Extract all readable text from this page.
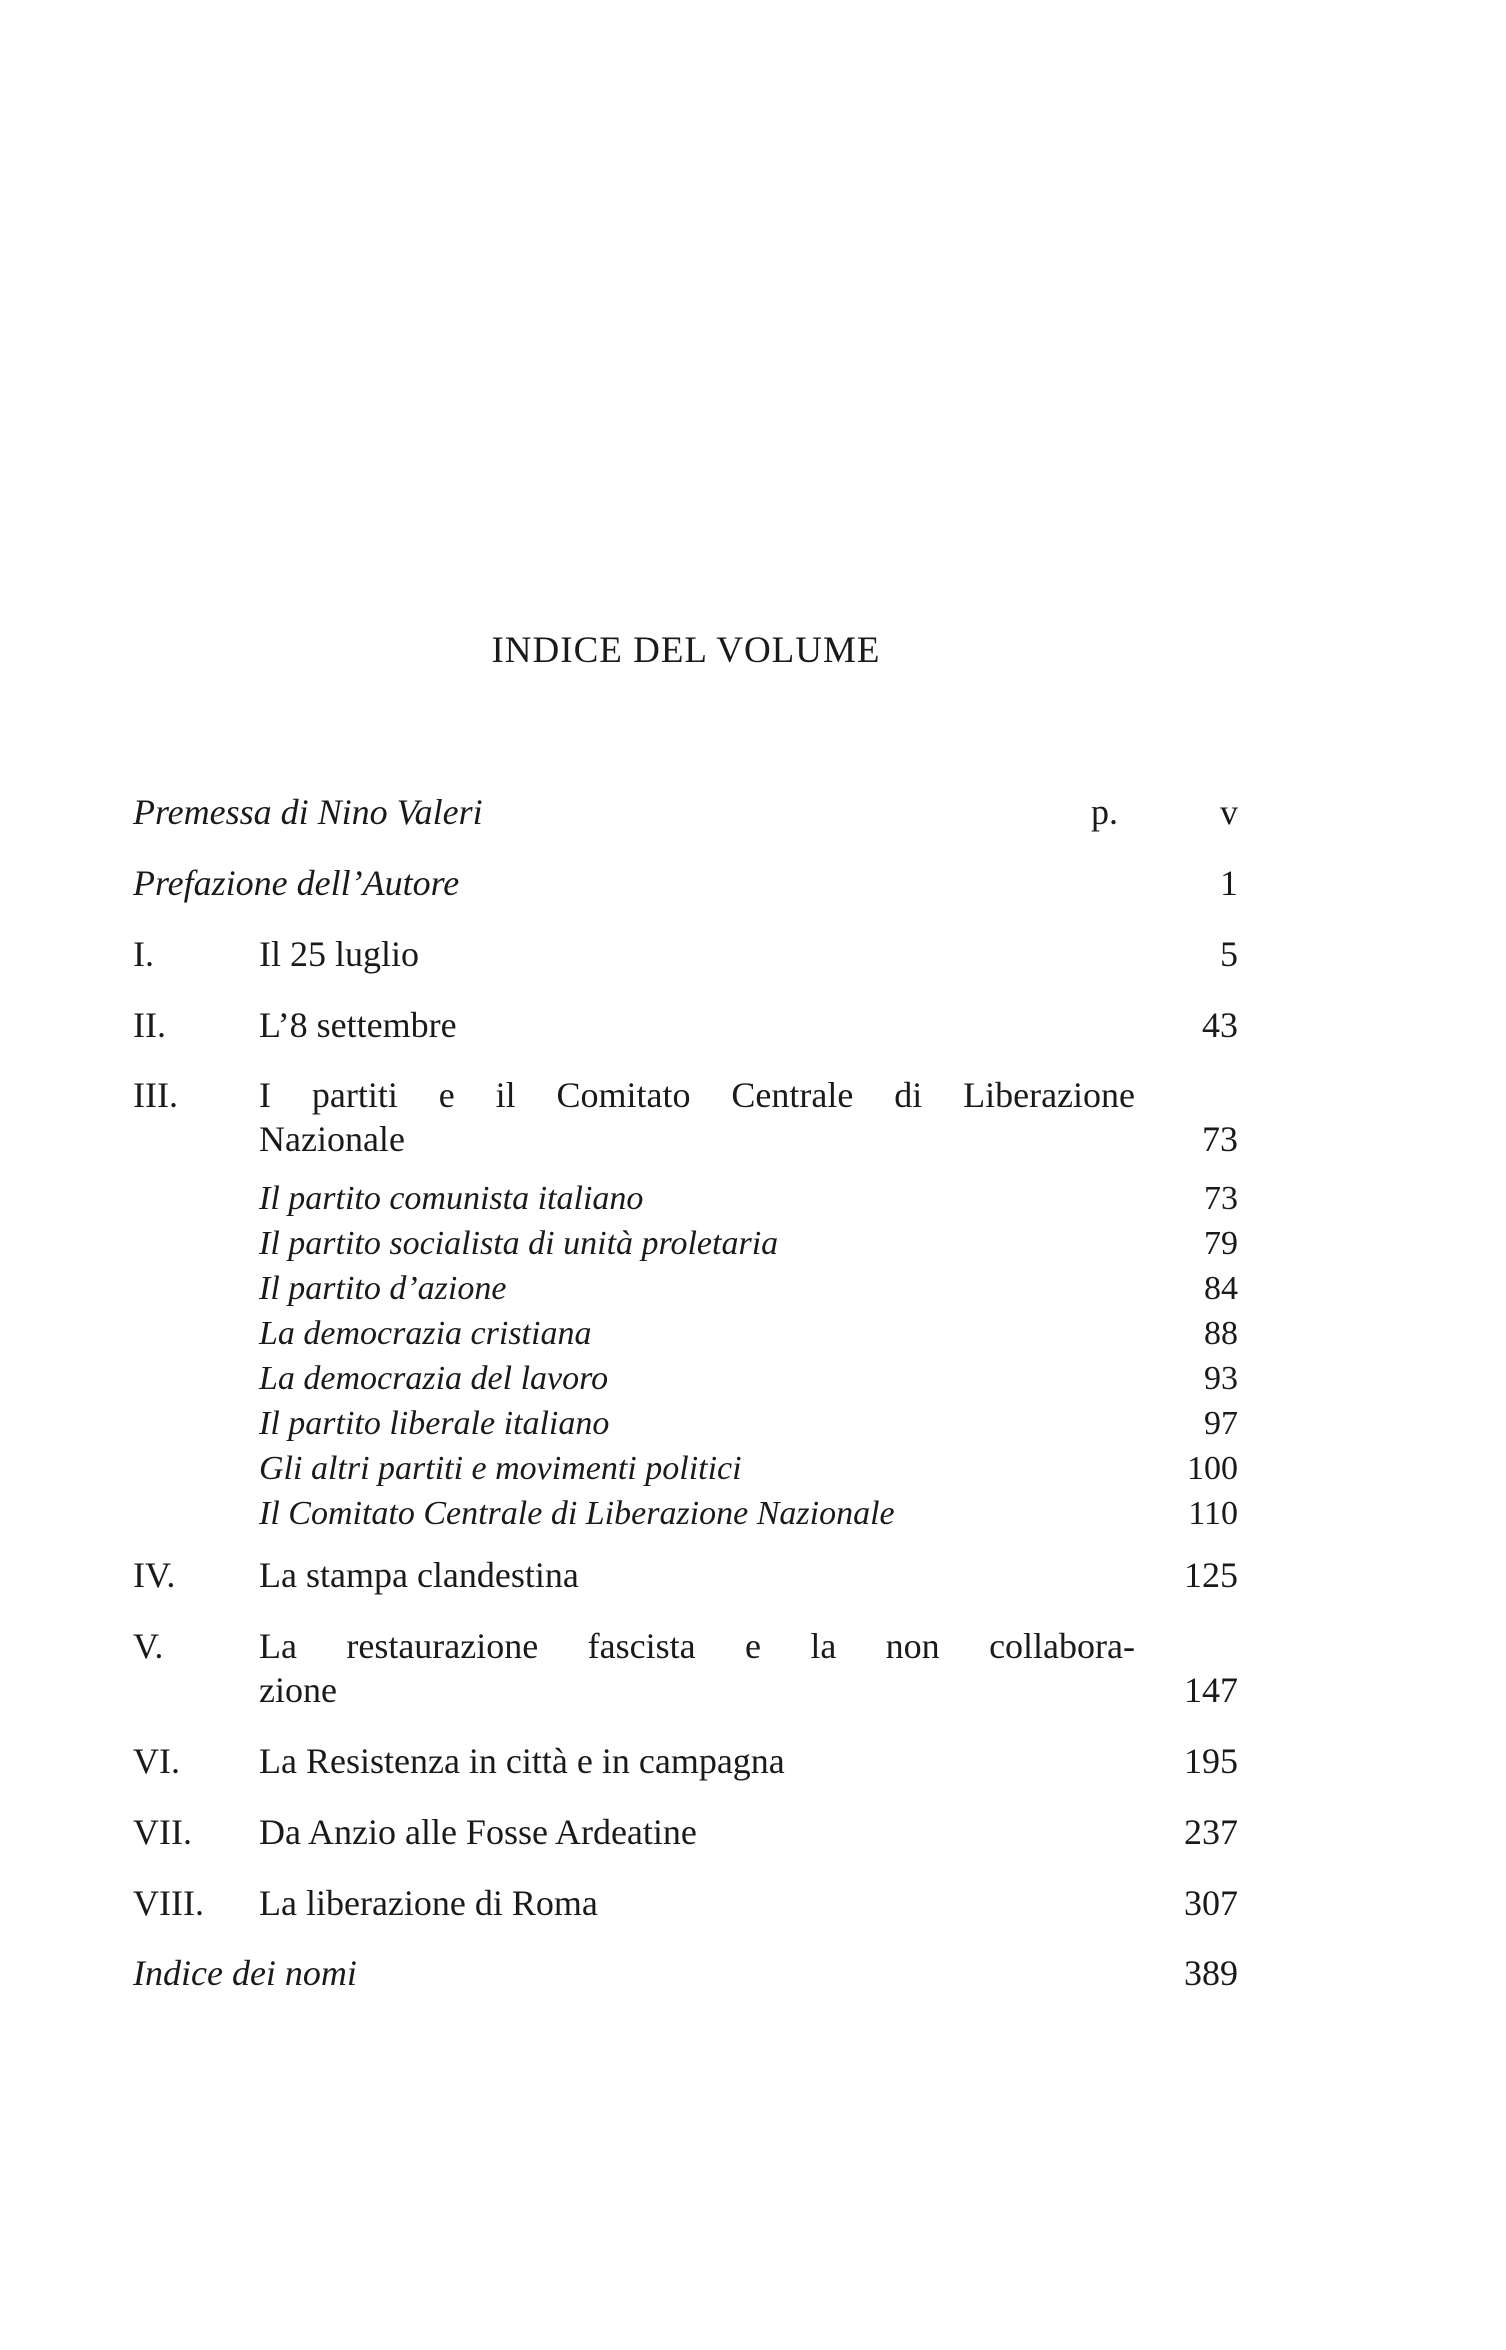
INDICE DEL VOLUME
Premessa di Nino Valeri	p.	v
Prefazione dell’Autore	1
I.	Il 25 luglio	5
II.	L’8 settembre	43
III. I partiti e il Comitato Centrale di Liberazione
Nazionale	73
Il partito comunista italiano	73
Il partito socialista di unità proletaria	79
Il partito d’azione	84
La democrazia cristiana	88
La democrazia del lavoro	93
Il partito liberale italiano	97
Gli altri partiti e movimenti politici	100
Il Comitato Centrale di Liberazione Nazionale	110
IV. La stampa clandestina	125
V.	La restaurazione fascista e la non collabora-
zione	147
VI. La Resistenza in città e in campagna	195
VII. Da Anzio alle Fosse Ardeatine	237
VIII. La liberazione di Roma	307
Indice dei nomi	389
